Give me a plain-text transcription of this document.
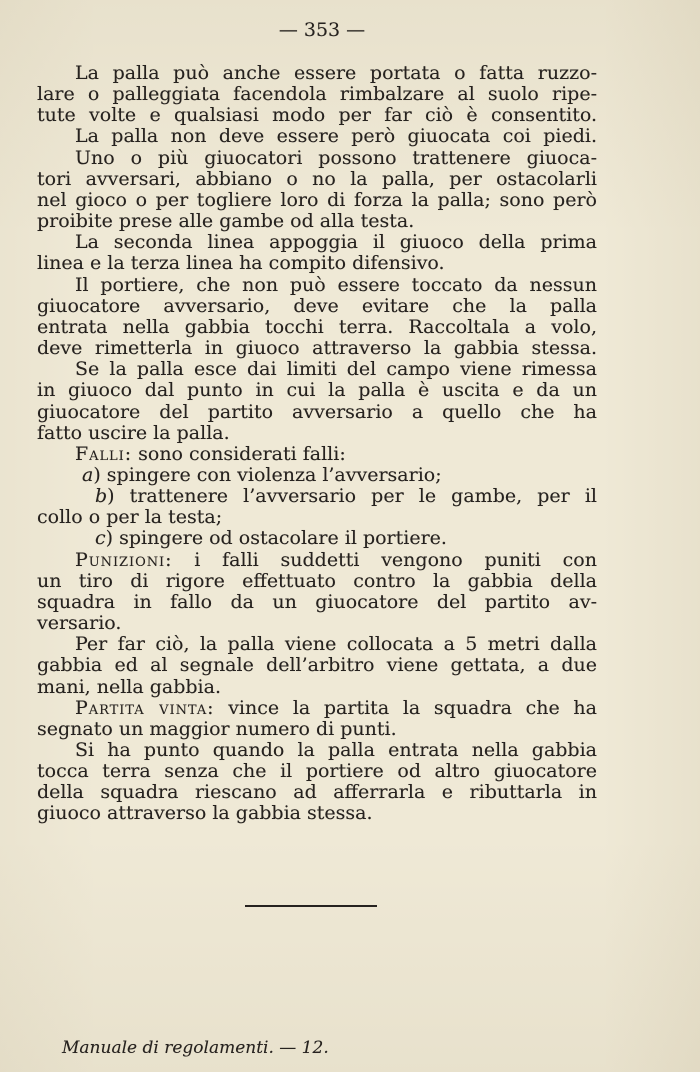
— 353 —
La palla può anche essere portata o fatta ruzzo-
lare o palleggiata facendola rimbalzare al suolo ripe-
tute volte e qualsiasi modo per far ciò è consentito.
La palla non deve essere però giuocata coi piedi.
Uno o più giuocatori possono trattenere giuoca-
tori avversari, abbiano o no la palla, per ostacolarli
nel gioco o per togliere loro di forza la palla; sono però
proibite prese alle gambe od alla testa.
La seconda linea appoggia il giuoco della prima
linea e la terza linea ha compito difensivo.
Il portiere, che non può essere toccato da nessun
giuocatore avversario, deve evitare che la palla
entrata nella gabbia tocchi terra. Raccoltala a volo,
deve rimetterla in giuoco attraverso la gabbia stessa.
Se la palla esce dai limiti del campo viene rimessa
in giuoco dal punto in cui la palla è uscita e da un
giuocatore del partito avversario a quello che ha
fatto uscire la palla.
Falli: sono considerati falli:
a) spingere con violenza l’avversario;
b) trattenere l’avversario per le gambe, per il
collo o per la testa;
c) spingere od ostacolare il portiere.
Punizioni: i falli suddetti vengono puniti con
un tiro di rigore effettuato contro la gabbia della
squadra in fallo da un giuocatore del partito av-
versario.
Per far ciò, la palla viene collocata a 5 metri dalla
gabbia ed al segnale dell’arbitro viene gettata, a due
mani, nella gabbia.
Partita vinta: vince la partita la squadra che ha
segnato un maggior numero di punti.
Si ha punto quando la palla entrata nella gabbia
tocca terra senza che il portiere od altro giuocatore
della squadra riescano ad afferrarla e ributtarla in
giuoco attraverso la gabbia stessa.
Manuale di regolamenti. — 12.
